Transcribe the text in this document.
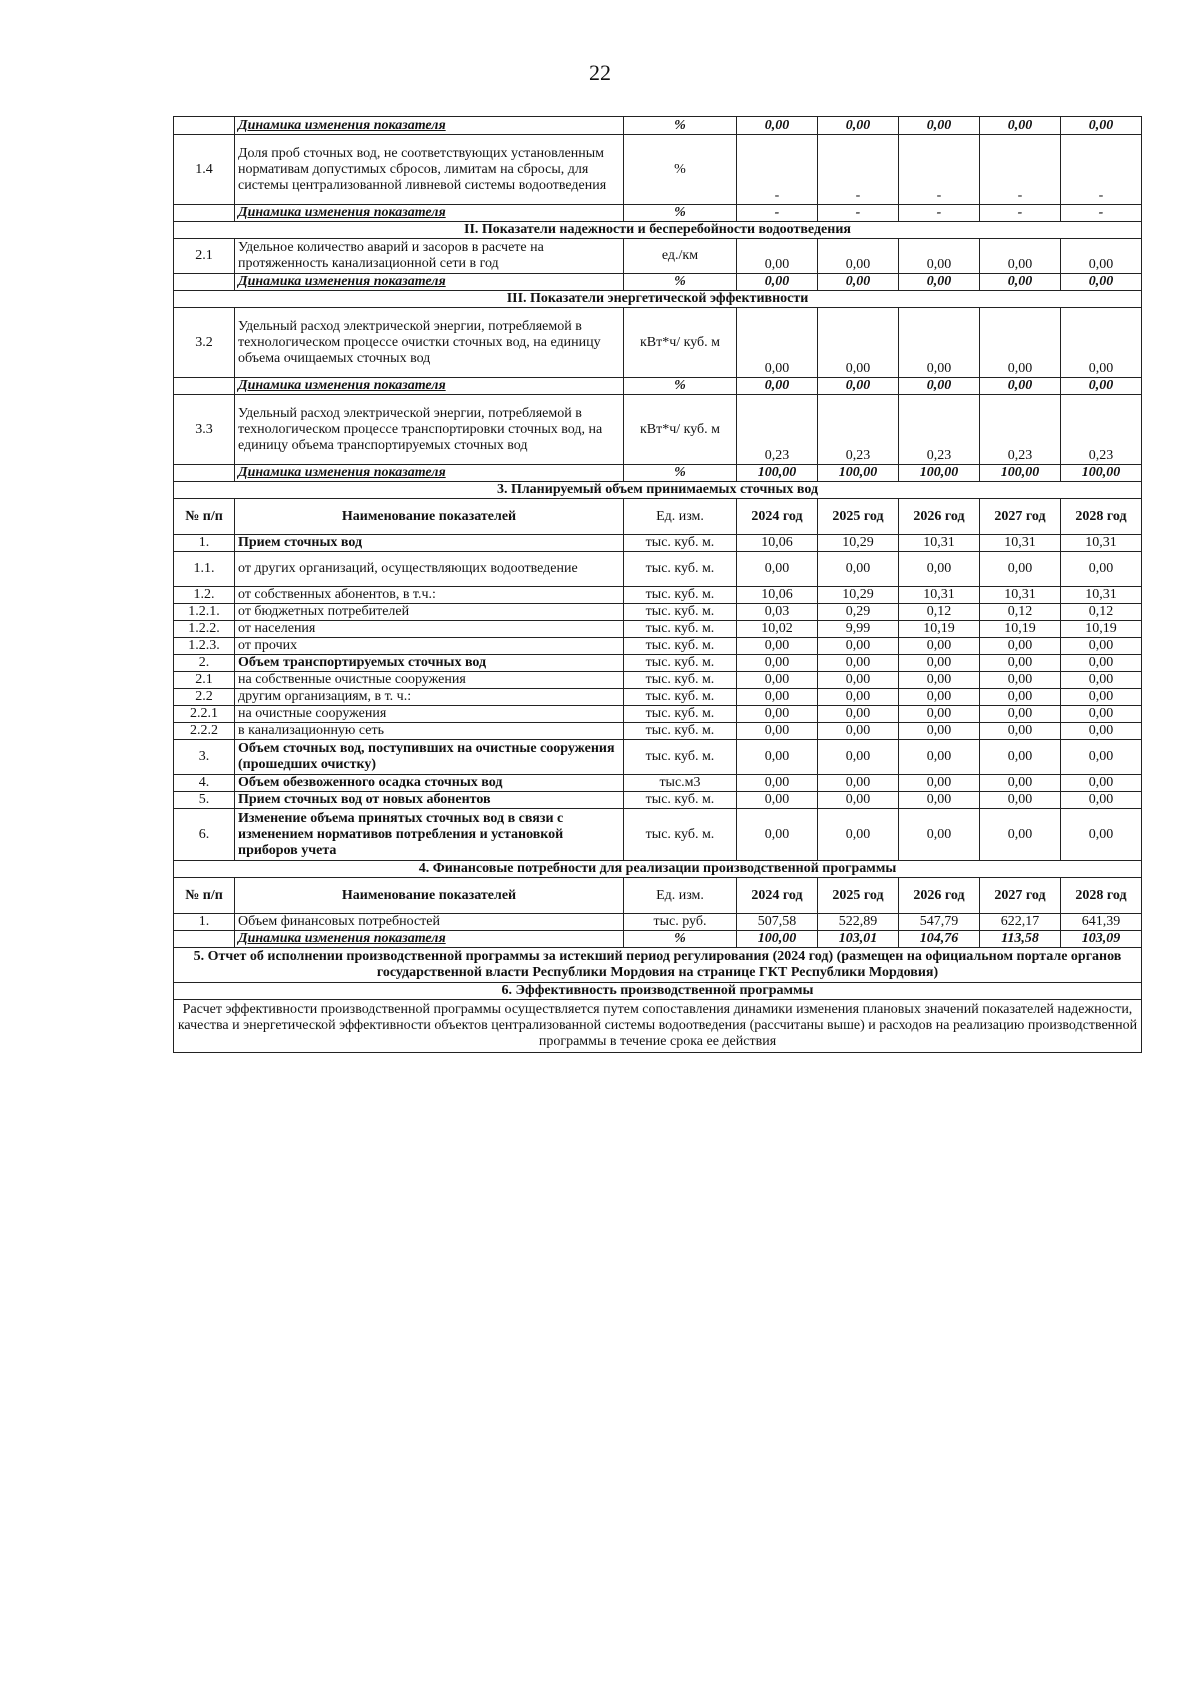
22
	Динамика изменения показателя	%	0,00	0,00	0,00	0,00	0,00
1.4	Доля проб сточных вод, не соответствующих установленным нормативам допустимых сбросов, лимитам на сбросы, для системы централизованной ливневой системы водоотведения	%	-	-	-	-	-
	Динамика изменения показателя	%	-	-	-	-	-
II. Показатели надежности и бесперебойности водоотведения							
2.1	Удельное количество аварий и засоров в расчете на протяженность канализационной сети в год	ед./км	0,00	0,00	0,00	0,00	0,00
	Динамика изменения показателя	%	0,00	0,00	0,00	0,00	0,00
III. Показатели энергетической эффективности							
3.2	Удельный расход электрической энергии, потребляемой в технологическом процессе очистки сточных вод, на единицу объема очищаемых сточных вод	кВт*ч/ куб. м	0,00	0,00	0,00	0,00	0,00
	Динамика изменения показателя	%	0,00	0,00	0,00	0,00	0,00
3.3	Удельный расход электрической энергии, потребляемой в технологическом процессе транспортировки сточных вод, на единицу объема транспортируемых сточных вод	кВт*ч/ куб. м	0,23	0,23	0,23	0,23	0,23
	Динамика изменения показателя	%	100,00	100,00	100,00	100,00	100,00
3. Планируемый объем принимаемых сточных вод							
№ п/п	Наименование показателей	Ед. изм.	2024 год	2025 год	2026 год	2027 год	2028 год
1.	Прием сточных вод	тыс. куб. м.	10,06	10,29	10,31	10,31	10,31
1.1.	от других организаций, осуществляющих водоотведение	тыс. куб. м.	0,00	0,00	0,00	0,00	0,00
1.2.	от собственных абонентов, в т.ч.:	тыс. куб. м.	10,06	10,29	10,31	10,31	10,31
1.2.1.	от бюджетных потребителей	тыс. куб. м.	0,03	0,29	0,12	0,12	0,12
1.2.2.	от населения	тыс. куб. м.	10,02	9,99	10,19	10,19	10,19
1.2.3.	от прочих	тыс. куб. м.	0,00	0,00	0,00	0,00	0,00
2.	Объем транспортируемых сточных вод	тыс. куб. м.	0,00	0,00	0,00	0,00	0,00
2.1	на собственные очистные сооружения	тыс. куб. м.	0,00	0,00	0,00	0,00	0,00
2.2	другим организациям, в т. ч.:	тыс. куб. м.	0,00	0,00	0,00	0,00	0,00
2.2.1	на очистные сооружения	тыс. куб. м.	0,00	0,00	0,00	0,00	0,00
2.2.2	в канализационную сеть	тыс. куб. м.	0,00	0,00	0,00	0,00	0,00
3.	Объем сточных вод, поступивших на очистные сооружения (прошедших очистку)	тыс. куб. м.	0,00	0,00	0,00	0,00	0,00
4.	Объем обезвоженного осадка сточных вод	тыс.м3	0,00	0,00	0,00	0,00	0,00
5.	Прием сточных вод от новых абонентов	тыс. куб. м.	0,00	0,00	0,00	0,00	0,00
6.	Изменение объема принятых сточных вод в связи с изменением нормативов потребления и установкой приборов учета	тыс. куб. м.	0,00	0,00	0,00	0,00	0,00
4. Финансовые потребности для реализации производственной программы							
№ п/п	Наименование показателей	Ед. изм.	2024 год	2025 год	2026 год	2027 год	2028 год
1.	Объем финансовых потребностей	тыс. руб.	507,58	522,89	547,79	622,17	641,39
	Динамика изменения показателя	%	100,00	103,01	104,76	113,58	103,09
5. Отчет об исполнении производственной программы за истекший период регулирования (2024 год) (размещен на официальном портале органов государственной власти Республики Мордовия на странице ГКТ Республики Мордовия)							
6. Эффективность производственной программы							
Расчет эффективности производственной программы осуществляется путем сопоставления динамики изменения плановых значений показателей надежности, качества и энергетической эффективности объектов централизованной системы водоотведения (рассчитаны выше) и расходов на реализацию производственной программы в течение срока ее действия							
